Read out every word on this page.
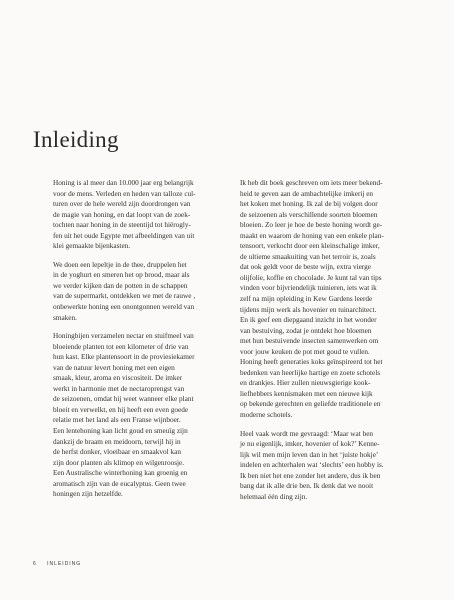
Inleiding

Honing is al meer dan 10.000 jaar erg belangrijk
voor de mens. Verleden en heden van talloze cul-
turen over de hele wereld zijn doordrongen van
de magie van honing, en dat loopt van de zoek-
tochten naar honing in de steentijd tot hiërogly-
fen uit het oude Egypte met afbeeldingen van uit
klei gemaakte bijenkasten.

We doen een lepeltje in de thee, druppelen het
in de yoghurt en smeren het op brood, maar als
we verder kijken dan de potten in de schappen
van de supermarkt, ontdekken we met de rauwe ,
onbewerkte honing een onontgonnen wereld van
smaken.

Honingbijen verzamelen nectar en stuifmeel van
bloeiende planten tot een kilometer of drie van
hun kast. Elke plantensoort in de proviesiekamer
van de natuur levert honing met een eigen
smaak, kleur, aroma en viscositeit. De imker
werkt in harmonie met de nectaroprengst van
de seizoenen, omdat hij weet wanneer elke plant
bloeit en verwelkt, en hij heeft een even goede
relatie met het land als een Franse wijnboer.
Een lentehoning kan licht goud en smeuïg zijn
dankzij de braam en meidoorn, terwijl hij in
de herfst donker, vloeibaar en smaakvol kan
zijn door planten als klimop en wilgenroosje.
Een Australische winterhoning kan groenig en
aromatisch zijn van de eucalyptus. Geen twee
honingen zijn hetzelfde.

Ik heb dit boek geschreven om iets meer bekend-
heid te geven aan de ambachtelijke imkerij en
het koken met honing. Ik zal de bij volgen door
de seizoenen als verschillende soorten bloemen
bloeien. Zo leer je hoe de beste honing wordt ge-
maakt en waarom de honing van een enkele plan-
tensoort, verkocht door een kleinschalige imker,
de ultieme smaakuiting van het terroir is, zoals
dat ook geldt voor de beste wijn, extra vierge
olijfolie, koffie en chocolade. Je kunt tal van tips
vinden voor bijvriendelijk tuinieren, iets wat ik
zelf na mijn opleiding in Kew Gardens leerde
tijdens mijn werk als hovenier en tuinarchitect.
En ik geef een diepgaand inzicht in het wonder
van bestuiving, zodat je ontdekt hoe bloemen
met hun bestuivende insecten samenwerken om
voor jouw keuken de pot met goud te vullen.
Honing heeft generaties koks geïnspireerd tot het
bedenken van heerlijke hartige en zoete schotels
en drankjes. Hier zullen nieuwsgierige kook-
liefhebbers kennismaken met een nieuwe kijk
op bekende gerechten en geliefde traditionele en
moderne schotels.

Heel vaak wordt me gevraagd: ‘Maar wat ben
je nu eigenlijk, imker, hovenier of kok?’ Kenne-
lijk wil men mijn leven dan in het ‘juiste hokje’
indelen en achterhalen wat ‘slechts’ een hobby is.
Ik ben niet het ene zonder het andere, dus ik ben
bang dat ik alle drie ben. Ik denk dat we nooit
helemaal één ding zijn.

6 INLEIDING
